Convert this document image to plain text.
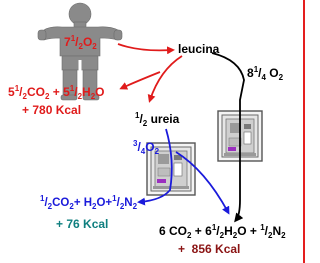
$7^1/_2O_2$	leucina
$8^1/_4$ $O_2$
$5^1/_2CO_2 + 5^1/_2H_2O$
+ 780 Kcal	$^1/_2$ ureia
$^3/_4O_2$
$^1/_2CO_2+ H_2O+^1/_2N_2$
+ 76 Kcal	6 $CO_2 + 6^1/_2H_2O + ^1/_2N_2$
+  856 Kcal
